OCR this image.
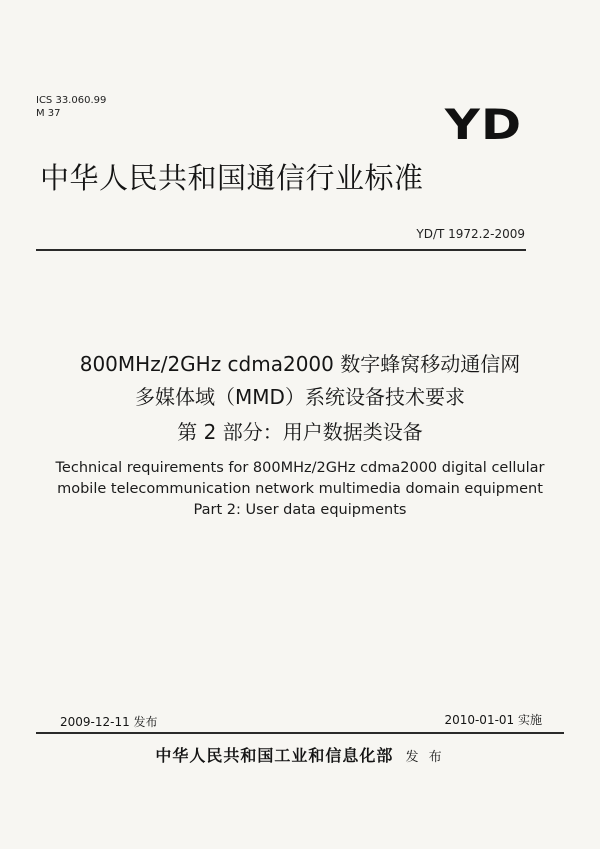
ICS 33.060.99
M 37	YD
中华人民共和国通信行业标准
YD/T 1972.2-2009
800MHz/2GHz cdma2000 数字蜂窝移动通信网
多媒体域（MMD）系统设备技术要求
第 2 部分：用户数据类设备
Technical requirements for 800MHz/2GHz cdma2000 digital cellular
mobile telecommunication network multimedia domain equipment
Part 2: User data equipments
2009-12-11 发布	2010-01-01 实施
中华人民共和国工业和信息化部 发 布
